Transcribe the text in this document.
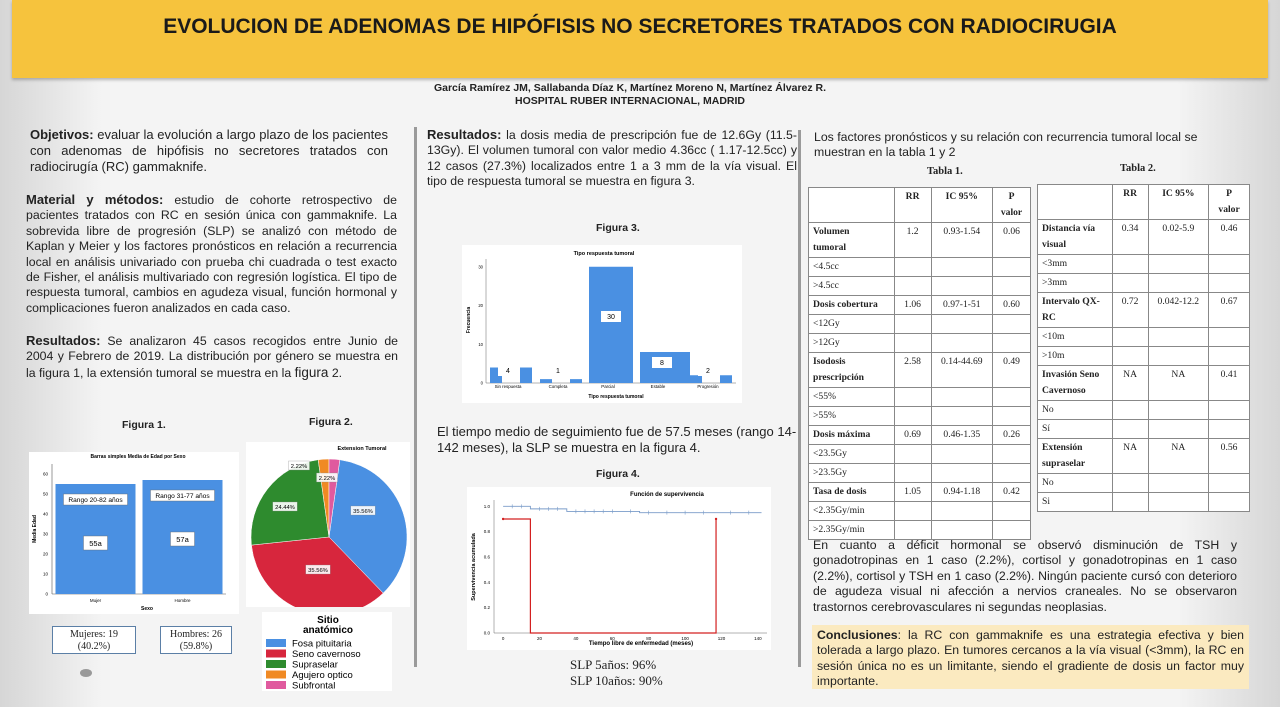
EVOLUCION DE ADENOMAS DE HIPÓFISIS NO SECRETORES TRATADOS CON RADIOCIRUGIA
García Ramírez JM, Sallabanda Díaz K, Martínez Moreno N, Martínez Álvarez R.
HOSPITAL RUBER INTERNACIONAL, MADRID
Objetivos: evaluar la evolución a largo plazo de los pacientes con adenomas de hipófisis no secretores tratados con radiocirugía (RC) gammaknife.
Material y métodos: estudio de cohorte retrospectivo de pacientes tratados con RC en sesión única con gammaknife. La sobrevida libre de progresión (SLP) se analizó con método de Kaplan y Meier y los factores pronósticos en relación a recurrencia local en análisis univariado con prueba chi cuadrada o test exacto de Fisher, el análisis multivariado con regresión logística. El tipo de respuesta tumoral, cambios en agudeza visual, función hormonal y complicaciones fueron analizados en cada caso.
Resultados: Se analizaron 45 casos recogidos entre Junio de 2004 y Febrero de 2019. La distribución por género se muestra en la figura 1, la extensión tumoral se muestra en la figura 2.
Figura 1.	Figura 2.
Barras simples Media de Edad por Sexo
0
10
20
30
40
50
60
Media Edad
Sexo
Mujer
Rango 20-82 años
55a
Hombre
Rango 31-77 años
57a
Mujeres: 19
(40.2%)
Hombres: 26
(59.8%)
Extension Tumoral
35.56%
35.56%
24.44%
2.22%
2.22%
Sitio
anatómico
Fosa pituitaria
Seno cavernoso
Supraselar
Agujero optico
Subfrontal
Resultados: la dosis media de prescripción fue de 12.6Gy (11.5-13Gy). El volumen tumoral con valor medio 4.36cc ( 1.17-12.5cc) y 12 casos (27.3%) localizados entre 1 a 3 mm de la vía visual. El tipo de respuesta tumoral se muestra en figura 3.
Figura 3.
Tipo respuesta tumoral
0
10
20
30
Frecuencia
Tipo respuesta tumoral
4
Sin respuesta
1
Completa
30
Parcial
8
Estable
2
Progresión
El tiempo medio de seguimiento fue de 57.5 meses (rango 14-142 meses), la SLP se muestra en la figura 4.
Figura 4.
Función de supervivencia
0.0
0.2
0.4
0.6
0.8
1.0
0	20	40	60	80	100	120	140
Supervivencia acumulada
Tiempo libre de enfermedad (meses)
SLP 5años: 96%
SLP 10años: 90%
Los factores pronósticos y su relación con recurrencia tumoral local se muestran en la tabla 1 y 2
Tabla 1.	Tabla 2.
	RR	IC 95%	P
valor
Volumen
tumoral	1.2	0.93-1.54	0.06
<4.5cc			
>4.5cc			
Dosis cobertura	1.06	0.97-1-51	0.60
<12Gy			
>12Gy			
Isodosis
prescripción	2.58	0.14-44.69	0.49
<55%			
>55%			
Dosis máxima	0.69	0.46-1.35	0.26
<23.5Gy			
>23.5Gy			
Tasa de dosis	1.05	0.94-1.18	0.42
<2.35Gy/min			
>2.35Gy/min			
	RR	IC 95%	P
valor
Distancia vía
visual	0.34	0.02-5.9	0.46
<3mm			
>3mm			
Intervalo QX-
RC	0.72	0.042-12.2	0.67
<10m			
>10m			
Invasión Seno
Cavernoso	NA	NA	0.41
No			
Sí			
Extensión
supraselar	NA	NA	0.56
No			
Si			
En cuanto a déficit hormonal se observó disminución de TSH y gonadotropinas en 1 caso (2.2%), cortisol y gonadotropinas en 1 caso (2.2%), cortisol y TSH en 1 caso (2.2%). Ningún paciente cursó con deterioro de agudeza visual ni afección a nervios craneales. No se observaron trastornos cerebrovasculares ni segundas neoplasias.
Conclusiones: la RC con gammaknife es una estrategia efectiva y bien tolerada a largo plazo. En tumores cercanos a la vía visual (<3mm), la RC en sesión única no es un limitante, siendo el gradiente de dosis un factor muy importante.
